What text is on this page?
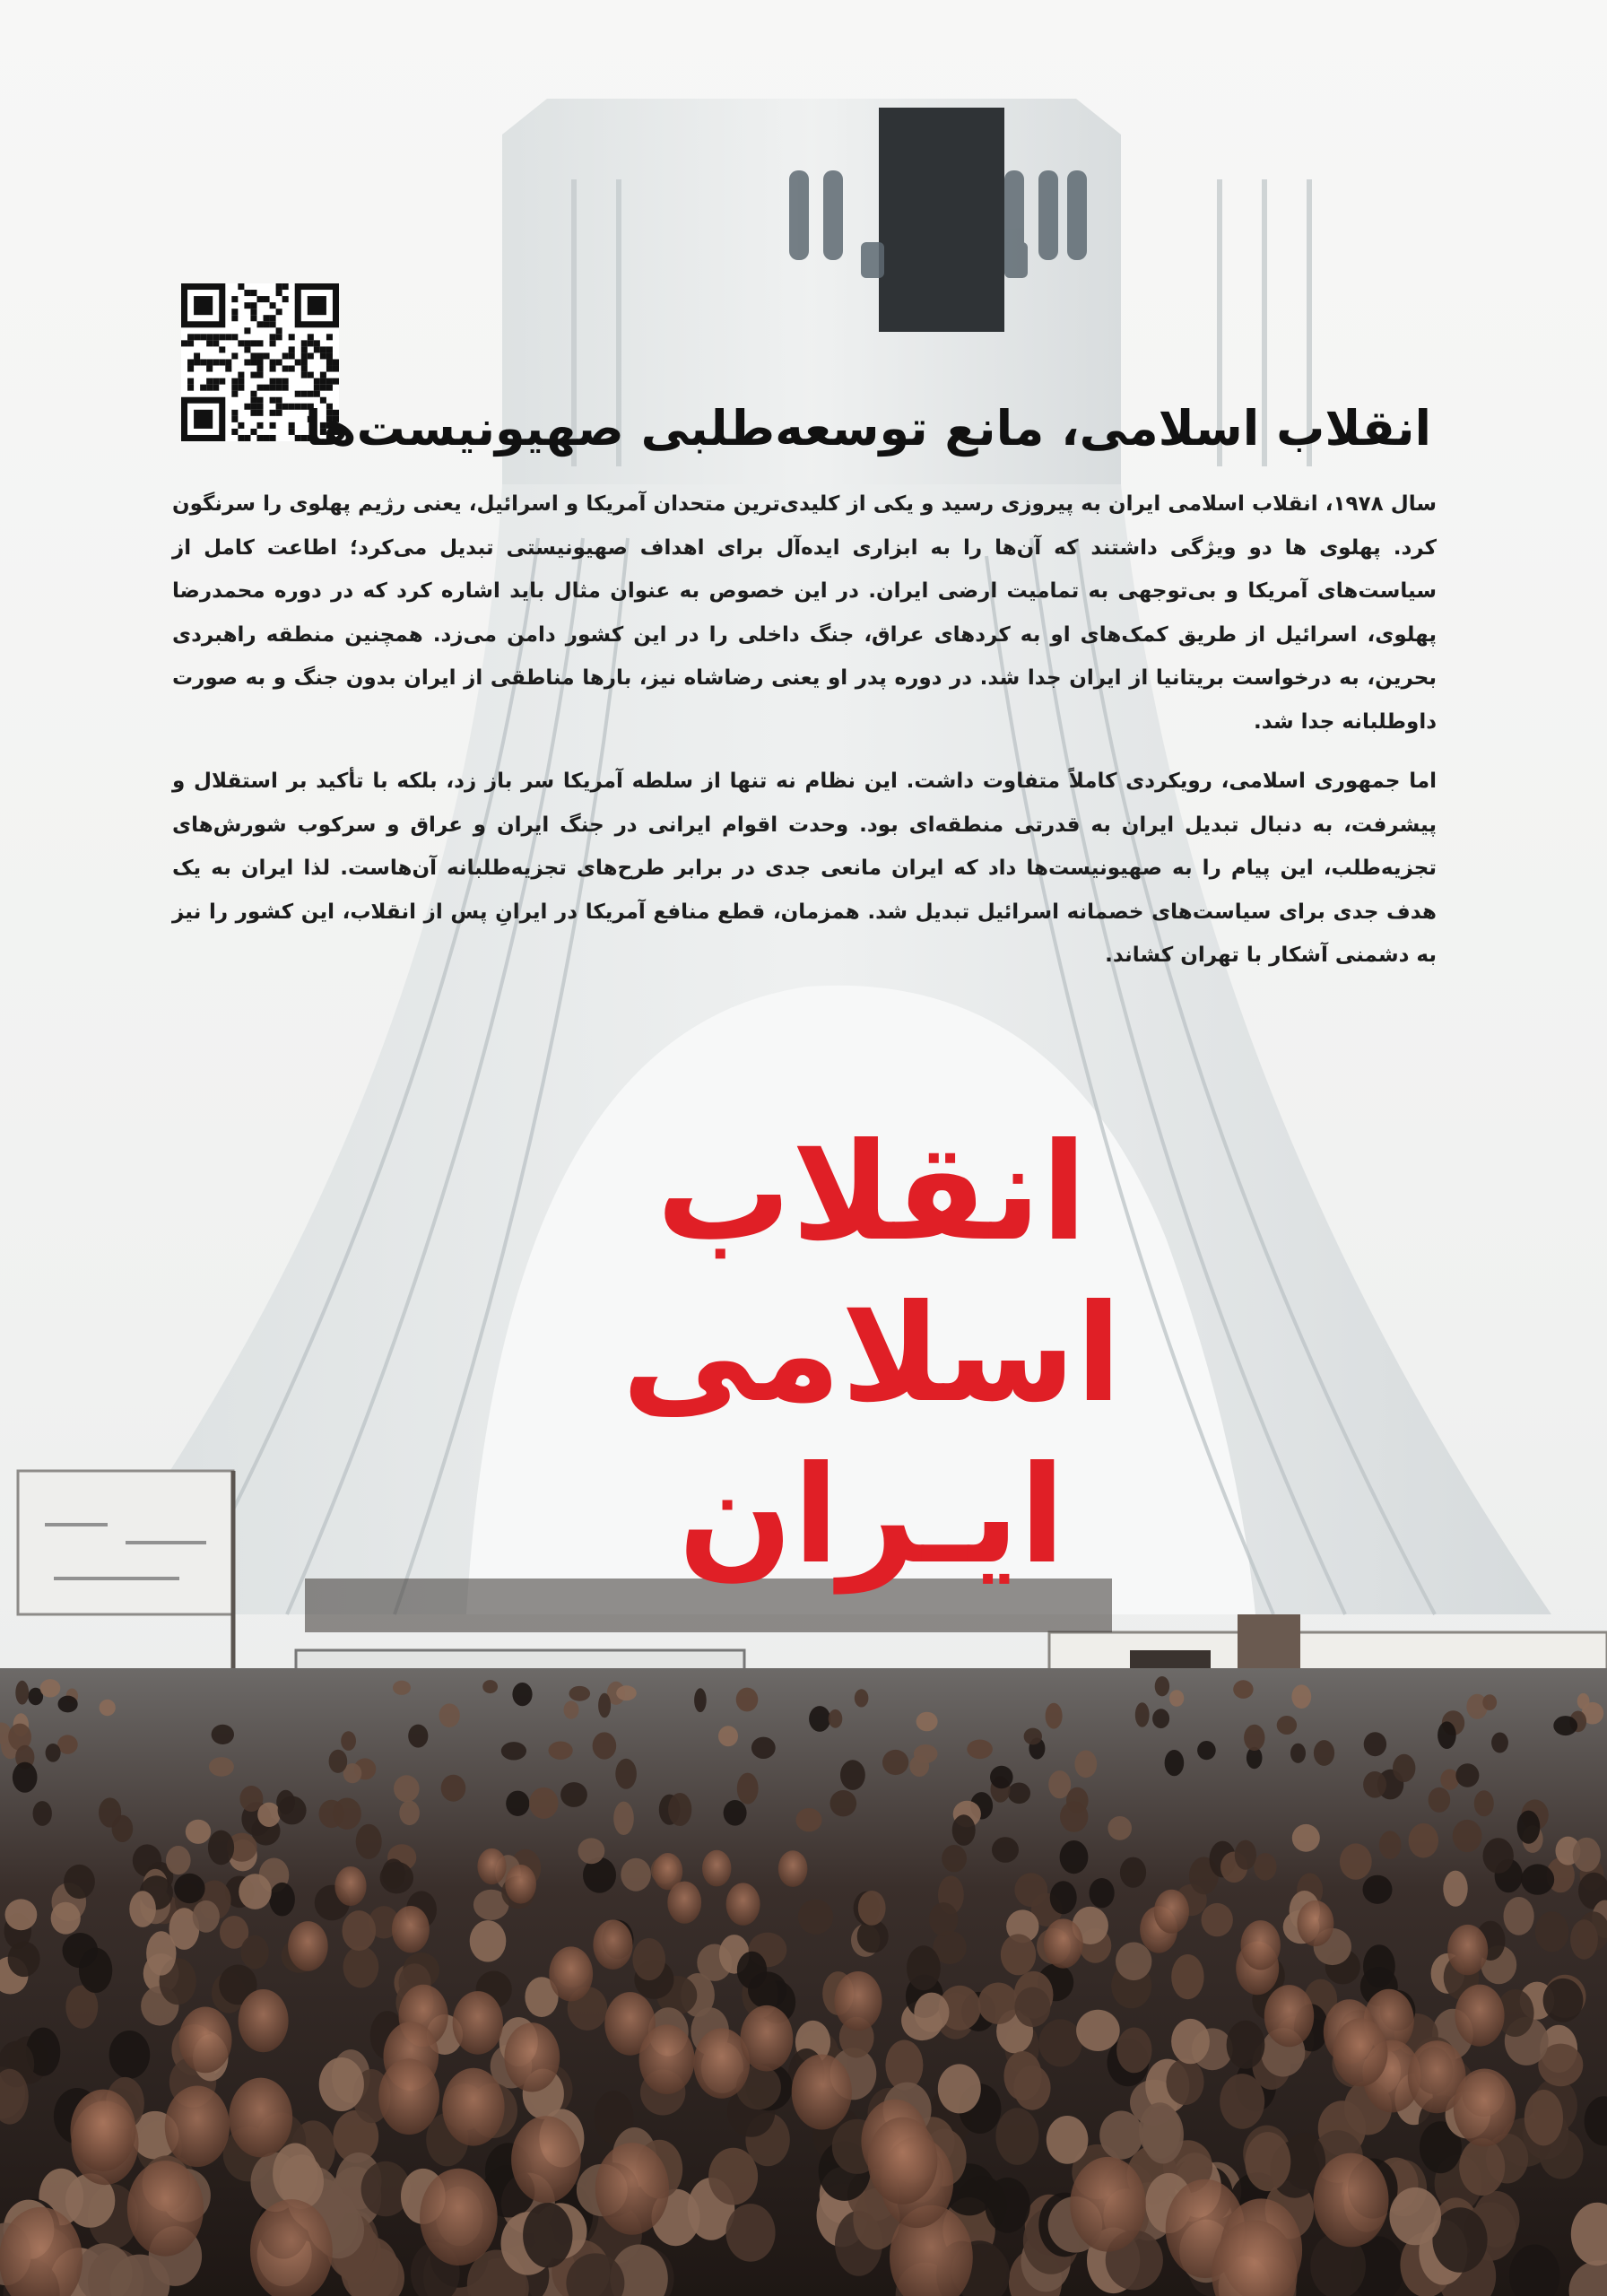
انقلاب اسلامی، مانع توسعه‌طلبی صهیونیست‌ها

سال ۱۹۷۸، انقلاب اسلامی ایران به پیروزی رسید و یکی از کلیدی‌ترین متحدان آمریکا و اسرائیل، یعنی رژیم پهلوی را سرنگون کرد. پهلوی ها دو ویژگی داشتند که آن‌ها را به ابزاری ایده‌آل برای اهداف صهیونیستی تبدیل می‌کرد؛ اطاعت کامل از سیاست‌های آمریکا و بی‌توجهی به تمامیت ارضی ایران. در این خصوص به عنوان مثال باید اشاره کرد که در دوره محمدرضا پهلوی، اسرائیل از طریق کمک‌های او به کردهای عراق، جنگ داخلی را در این کشور دامن می‌زد. همچنین منطقه راهبردی بحرین، به درخواست بریتانیا از ایران جدا شد. در دوره پدر او یعنی رضاشاه نیز، بارها مناطقی از ایران بدون جنگ و به صورت داوطلبانه جدا شد.

اما جمهوری اسلامی، رویکردی کاملاً متفاوت داشت. این نظام نه تنها از سلطه آمریکا سر باز زد، بلکه با تأکید بر استقلال و پیشرفت، به دنبال تبدیل ایران به قدرتی منطقه‌ای بود. وحدت اقوام ایرانی در جنگ ایران و عراق و سرکوب شورش‌های تجزیه‌طلب، این پیام را به صهیونیست‌ها داد که ایران مانعی جدی در برابر طرح‌های تجزیه‌طلبانه آن‌هاست. لذا ایران به یک هدف جدی برای سیاست‌های خصمانه اسرائیل تبدیل شد. همزمان، قطع منافع آمریکا در ایرانِ پس از انقلاب، این کشور را نیز به دشمنی آشکار با تهران کشاند.

انقلاب
اسلامی
ایـران
